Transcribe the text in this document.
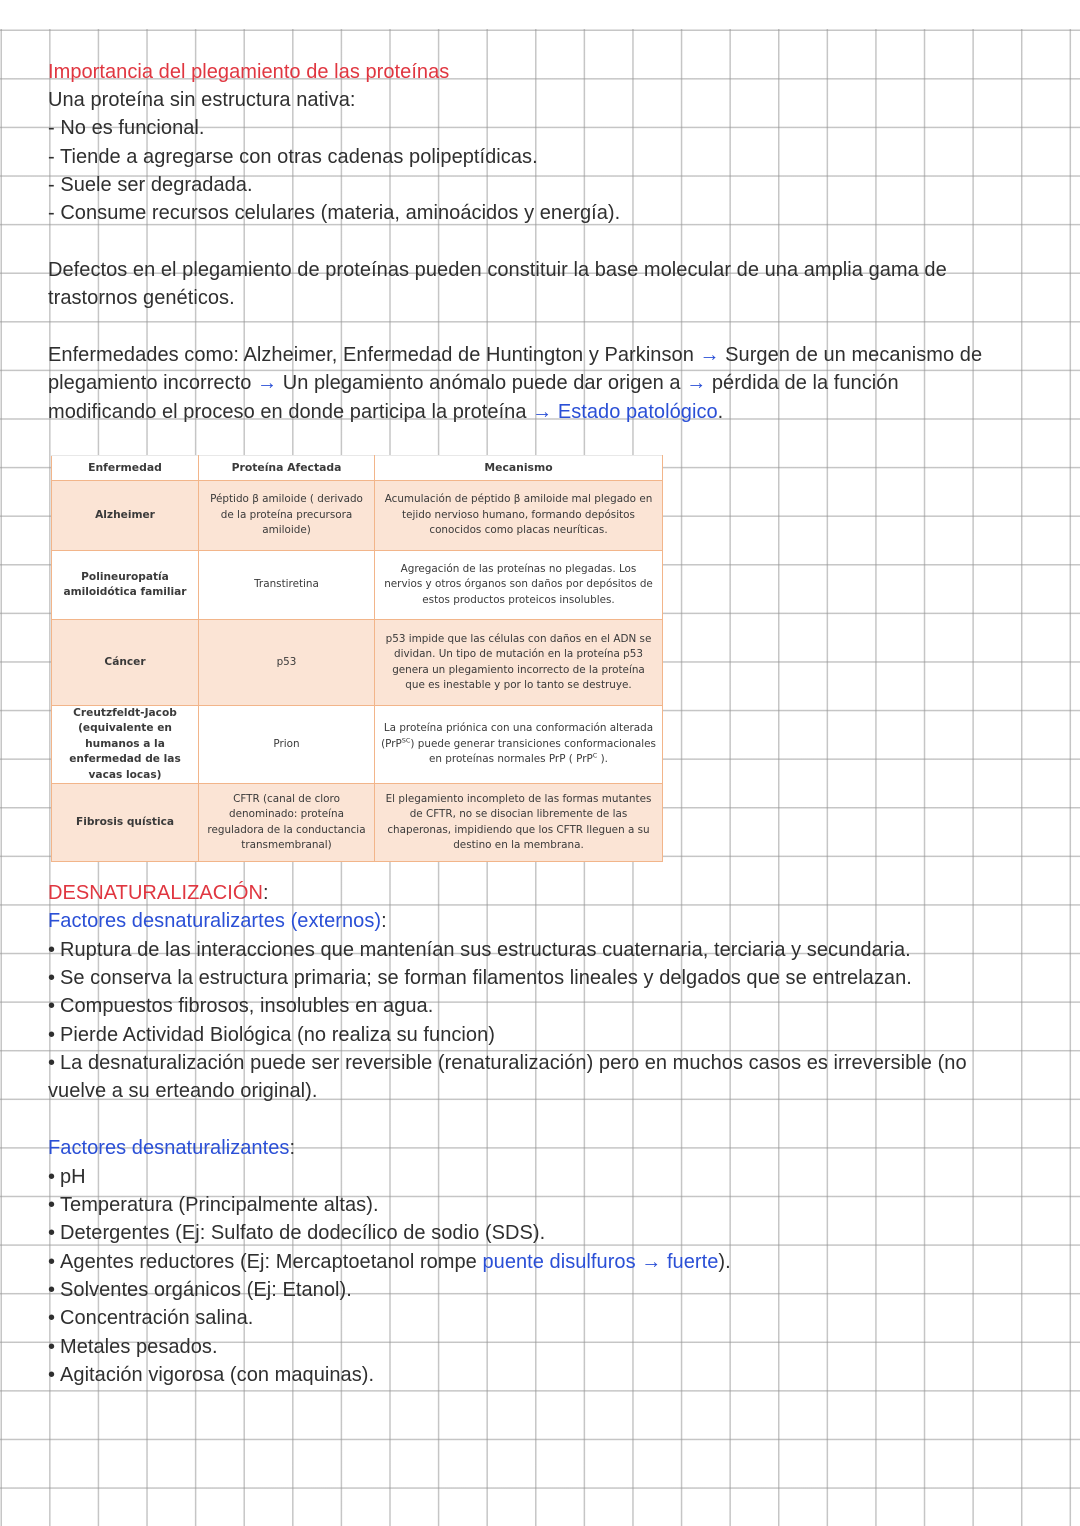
Importancia del plegamiento de las proteínas
Una proteína sin estructura nativa:
- No es funcional.
- Tiende a agregarse con otras cadenas polipeptídicas.
- Suele ser degradada.
- Consume recursos celulares (materia, aminoácidos y energía).
Defectos en el plegamiento de proteínas pueden constituir la base molecular de una amplia gama de
trastornos genéticos.
Enfermedades como: Alzheimer, Enfermedad de Huntington y Parkinson → Surgen de un mecanismo de
plegamiento incorrecto → Un plegamiento anómalo puede dar origen a → pérdida de la función
modificando el proceso en donde participa la proteína → Estado patológico.
Enfermedad	Proteína Afectada	Mecanismo
Alzheimer	Péptido β amiloide ( derivado de la proteína precursora amiloide)	Acumulación de péptido β amiloide mal plegado en tejido nervioso humano, formando depósitos conocidos como placas neuríticas.
Polineuropatía amiloidótica familiar	Transtiretina	Agregación de las proteínas no plegadas. Los nervios y otros órganos son daños por depósitos de estos productos proteicos insolubles.
Cáncer	p53	p53 impide que las células con daños en el ADN se dividan. Un tipo de mutación en la proteína p53 genera un plegamiento incorrecto de la proteína que es inestable y por lo tanto se destruye.
Creutzfeldt-Jacob (equivalente en humanos a la enfermedad de las vacas locas)	Prion	La proteína priónica con una conformación alterada (PrP$^{SC}$) puede generar transiciones conformacionales en proteínas normales PrP ( PrP$^C$ ).
Fibrosis quística	CFTR (canal de cloro denominado: proteína reguladora de la conductancia transmembranal)	El plegamiento incompleto de las formas mutantes de CFTR, no se disocian libremente de las chaperonas, impidiendo que los CFTR lleguen a su destino en la membrana.
DESNATURALIZACIÓN:
Factores desnaturalizartes (externos):
• Ruptura de las interacciones que mantenían sus estructuras cuaternaria, terciaria y secundaria.
• Se conserva la estructura primaria; se forman filamentos lineales y delgados que se entrelazan.
• Compuestos fibrosos, insolubles en agua.
• Pierde Actividad Biológica (no realiza su funcion)
• La desnaturalización puede ser reversible (renaturalización) pero en muchos casos es irreversible (no
vuelve a su erteando original).
Factores desnaturalizantes:
• pH
• Temperatura (Principalmente altas).
• Detergentes (Ej: Sulfato de dodecílico de sodio (SDS).
• Agentes reductores (Ej: Mercaptoetanol rompe puente disulfuros → fuerte).
• Solventes orgánicos (Ej: Etanol).
• Concentración salina.
• Metales pesados.
• Agitación vigorosa (con maquinas).
